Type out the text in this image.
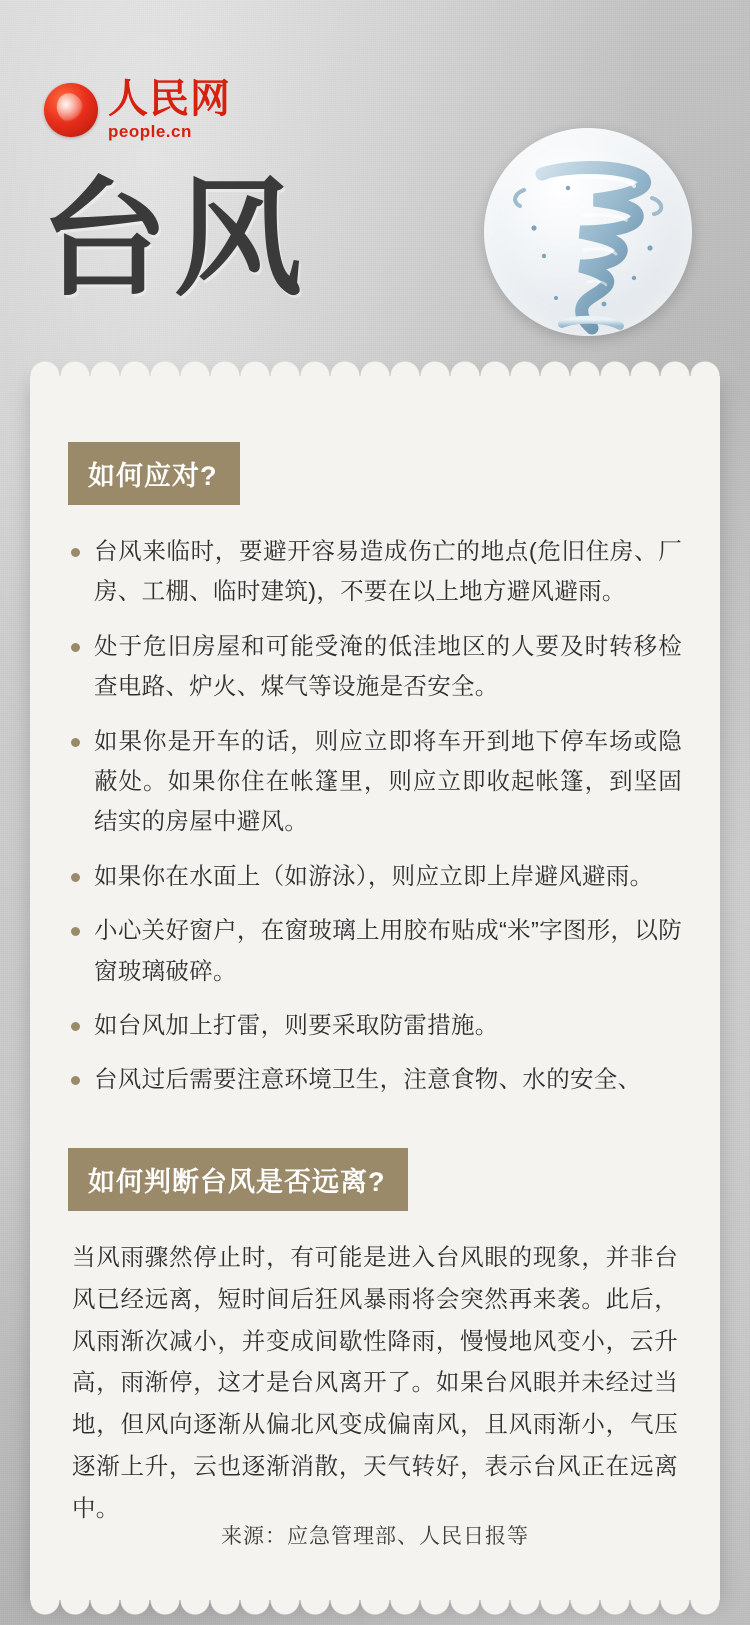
人民网
people.cn
台风
如何应对?
台风来临时，要避开容易造成伤亡的地点(危旧住房、厂房、工棚、临时建筑)，不要在以上地方避风避雨。
处于危旧房屋和可能受淹的低洼地区的人要及时转移检查电路、炉火、煤气等设施是否安全。
如果你是开车的话，则应立即将车开到地下停车场或隐蔽处。如果你住在帐篷里，则应立即收起帐篷，到坚固结实的房屋中避风。
如果你在水面上（如游泳），则应立即上岸避风避雨。
小心关好窗户，在窗玻璃上用胶布贴成“米”字图形，以防窗玻璃破碎。
如台风加上打雷，则要采取防雷措施。
台风过后需要注意环境卫生，注意食物、水的安全、
如何判断台风是否远离?

当风雨骤然停止时，有可能是进入台风眼的现象，并非台风已经远离，短时间后狂风暴雨将会突然再来袭。此后，风雨渐次减小，并变成间歇性降雨，慢慢地风变小，云升高，雨渐停，这才是台风离开了。如果台风眼并未经过当地，但风向逐渐从偏北风变成偏南风，且风雨渐小，气压逐渐上升，云也逐渐消散，天气转好，表示台风正在远离中。

来源：应急管理部、人民日报等
